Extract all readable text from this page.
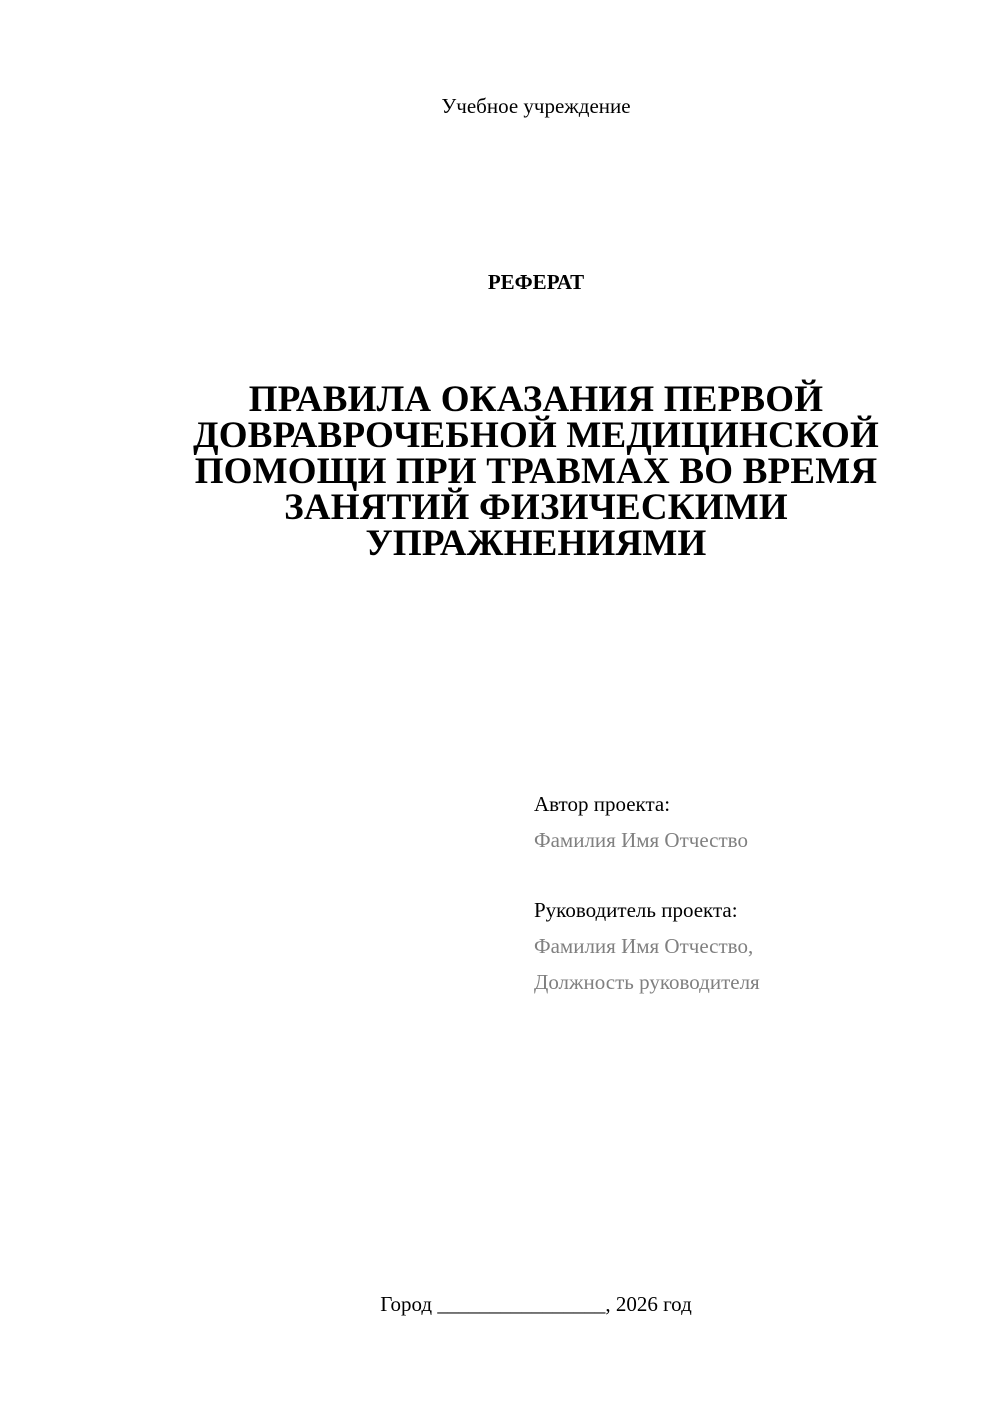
Учебное учреждение

РЕФЕРАТ

ПРАВИЛА ОКАЗАНИЯ ПЕРВОЙ
ДОВРАВРОЧЕБНОЙ МЕДИЦИНСКОЙ
ПОМОЩИ ПРИ ТРАВМАХ ВО ВРЕМЯ
ЗАНЯТИЙ ФИЗИЧЕСКИМИ
УПРАЖНЕНИЯМИ

Автор проекта:

Фамилия Имя Отчество

Руководитель проекта:

Фамилия Имя Отчество,

Должность руководителя

Город ________________, 2026 год
